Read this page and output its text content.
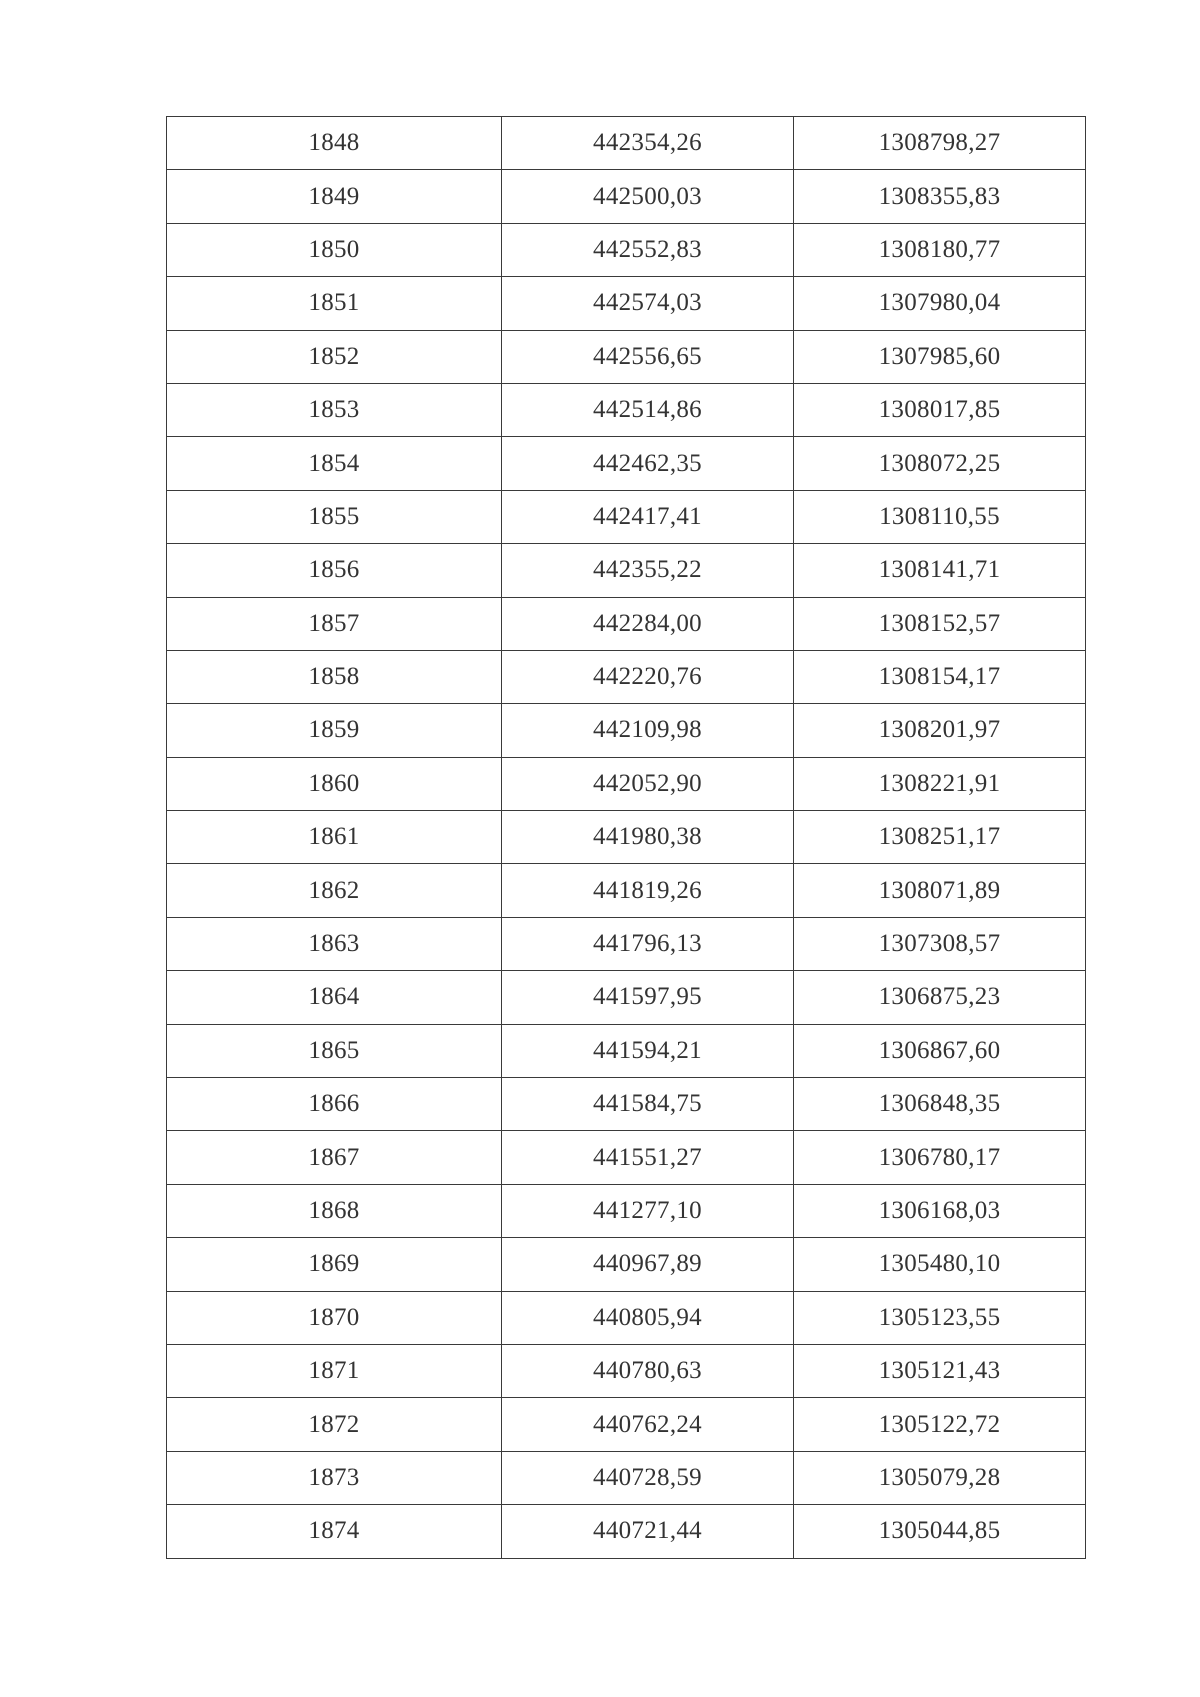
1848	442354,26	1308798,27
1849	442500,03	1308355,83
1850	442552,83	1308180,77
1851	442574,03	1307980,04
1852	442556,65	1307985,60
1853	442514,86	1308017,85
1854	442462,35	1308072,25
1855	442417,41	1308110,55
1856	442355,22	1308141,71
1857	442284,00	1308152,57
1858	442220,76	1308154,17
1859	442109,98	1308201,97
1860	442052,90	1308221,91
1861	441980,38	1308251,17
1862	441819,26	1308071,89
1863	441796,13	1307308,57
1864	441597,95	1306875,23
1865	441594,21	1306867,60
1866	441584,75	1306848,35
1867	441551,27	1306780,17
1868	441277,10	1306168,03
1869	440967,89	1305480,10
1870	440805,94	1305123,55
1871	440780,63	1305121,43
1872	440762,24	1305122,72
1873	440728,59	1305079,28
1874	440721,44	1305044,85
